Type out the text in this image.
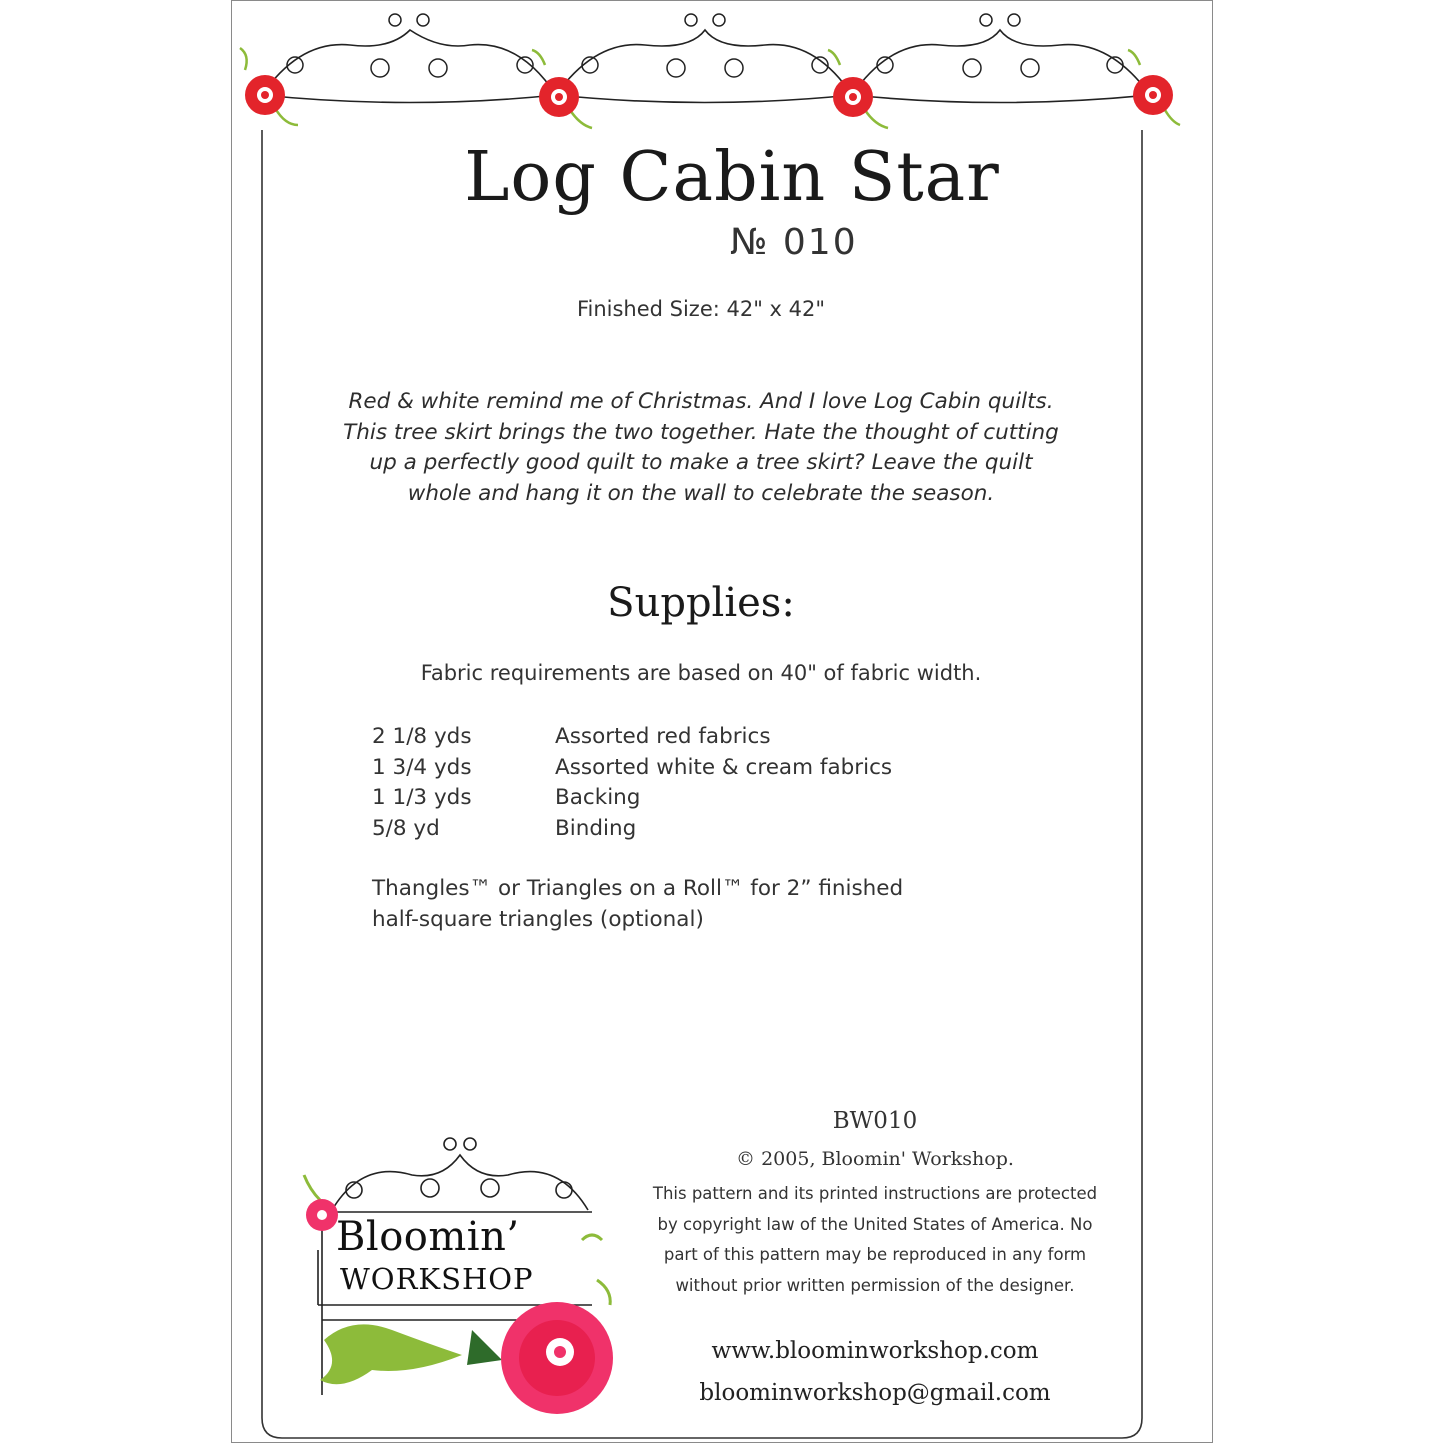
Log Cabin Star
№ 010
Finished Size: 42" x 42"
Red & white remind me of Christmas. And I love Log Cabin quilts.
This tree skirt brings the two together. Hate the thought of cutting
up a perfectly good quilt to make a tree skirt? Leave the quilt
whole and hang it on the wall to celebrate the season.
Supplies:
Fabric requirements are based on 40" of fabric width.
2 1/8 yds	Assorted red fabrics
1 3/4 yds	Assorted white & cream fabrics
1 1/3 yds	Backing
5/8 yd	Binding
Thangles™ or Triangles on a Roll™ for 2” finished
half-square triangles (optional)
Bloomin’
WORKSHOP
BW010
© 2005, Bloomin' Workshop.
This pattern and its printed instructions are protected
by copyright law of the United States of America. No
part of this pattern may be reproduced in any form
without prior written permission of the designer.
www.bloominworkshop.com
bloominworkshop@gmail.com
